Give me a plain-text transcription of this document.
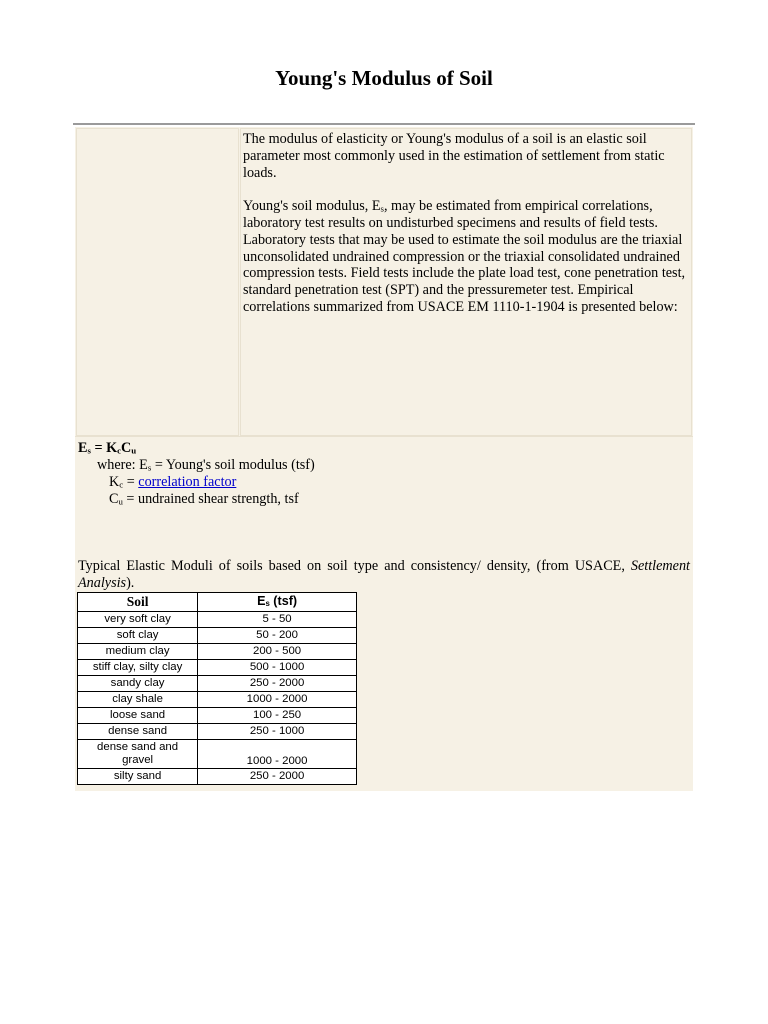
Young's Modulus of Soil

The modulus of elasticity or Young's modulus of a soil is an elastic soil parameter most commonly used in the estimation of settlement from static loads.

Young's soil modulus, $E_s$, may be estimated from empirical correlations, laboratory test results on undisturbed specimens and results of field tests. Laboratory tests that may be used to estimate the soil modulus are the triaxial unconsolidated undrained compression or the triaxial consolidated undrained compression tests. Field tests include the plate load test, cone penetration test, standard penetration test (SPT) and the pressuremeter test. Empirical correlations summarized from USACE EM 1110-1-1904 is presented below:

$E_s = K_cC_u$
where: $E_s$ = Young's soil modulus (tsf)
$K_c$ = correlation factor
$C_u$ = undrained shear strength, tsf
Typical Elastic Moduli of soils based on soil type and consistency/ density, (from USACE, Settlement Analysis).
Soil	$E_s$ (tsf)
very soft clay	5 - 50
soft clay	50 - 200
medium clay	200 - 500
stiff clay, silty clay	500 - 1000
sandy clay	250 - 2000
clay shale	1000 - 2000
loose sand	100 - 250
dense sand	250 - 1000
dense sand and gravel	1000 - 2000
silty sand	250 - 2000
